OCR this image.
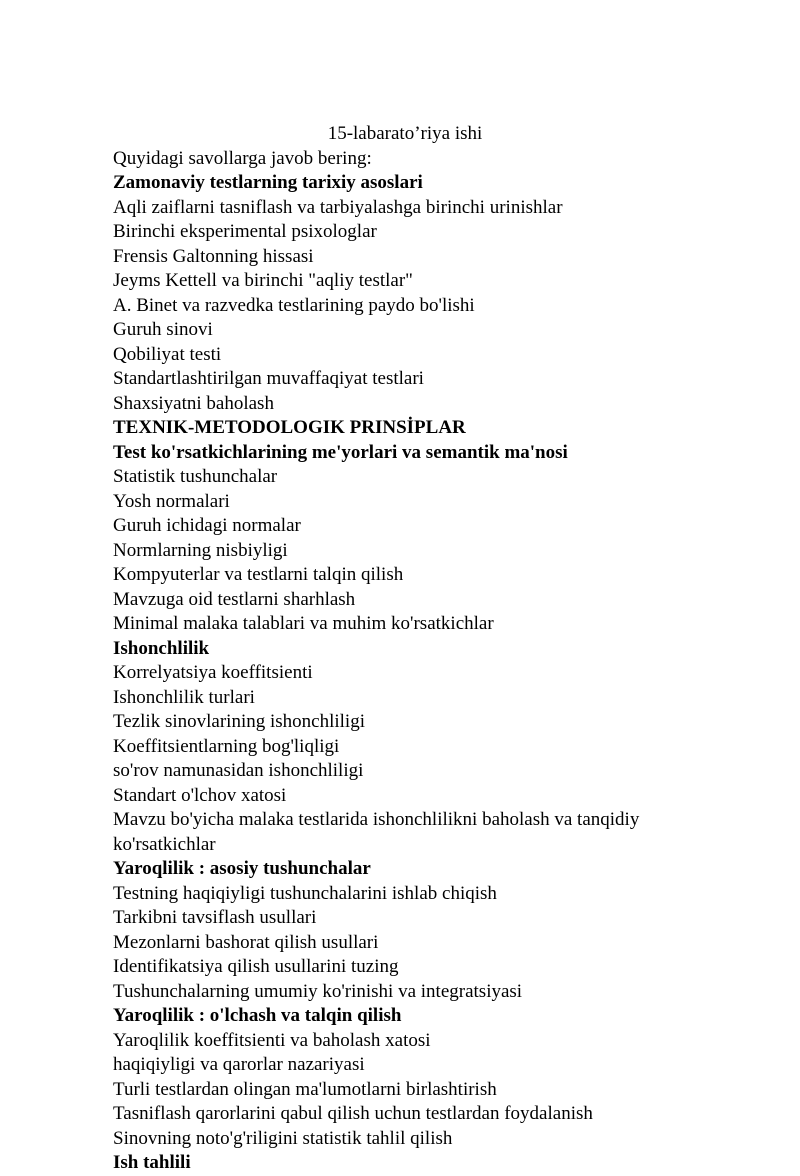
15-labarato’riya ishi
Quyidagi savollarga javob bering:
Zamonaviy testlarning tarixiy asoslari
Aqli zaiflarni tasniflash va tarbiyalashga birinchi urinishlar
Birinchi eksperimental psixologlar
Frensis Galtonning hissasi
Jeyms Kettell va birinchi "aqliy testlar"
A. Binet va razvedka testlarining paydo bo'lishi
Guruh sinovi
Qobiliyat testi
Standartlashtirilgan muvaffaqiyat testlari
Shaxsiyatni baholash
TEXNIK-METODOLOGIK PRINSİPLAR
Test ko'rsatkichlarining me'yorlari va semantik ma'nosi
Statistik tushunchalar
Yosh normalari
Guruh ichidagi normalar
Normlarning nisbiyligi
Kompyuterlar va testlarni talqin qilish
Mavzuga oid testlarni sharhlash
Minimal malaka talablari va muhim ko'rsatkichlar
Ishonchlilik
Korrelyatsiya koeffitsienti
Ishonchlilik turlari
Tezlik sinovlarining ishonchliligi
Koeffitsientlarning bog'liqligi
so'rov namunasidan ishonchliligi
Standart o'lchov xatosi
Mavzu bo'yicha malaka testlarida ishonchlilikni baholash va tanqidiy ko'rsatkichlar
Yaroqlilik : asosiy tushunchalar
Testning haqiqiyligi tushunchalarini ishlab chiqish
Tarkibni tavsiflash usullari
Mezonlarni bashorat qilish usullari
Identifikatsiya qilish usullarini tuzing
Tushunchalarning umumiy ko'rinishi va integratsiyasi
Yaroqlilik : o'lchash va talqin qilish
Yaroqlilik koeffitsienti va baholash xatosi
haqiqiyligi va qarorlar nazariyasi
Turli testlardan olingan ma'lumotlarni birlashtirish
Tasniflash qarorlarini qabul qilish uchun testlardan foydalanish
Sinovning noto'g'riligini statistik tahlil qilish
Ish tahlili
